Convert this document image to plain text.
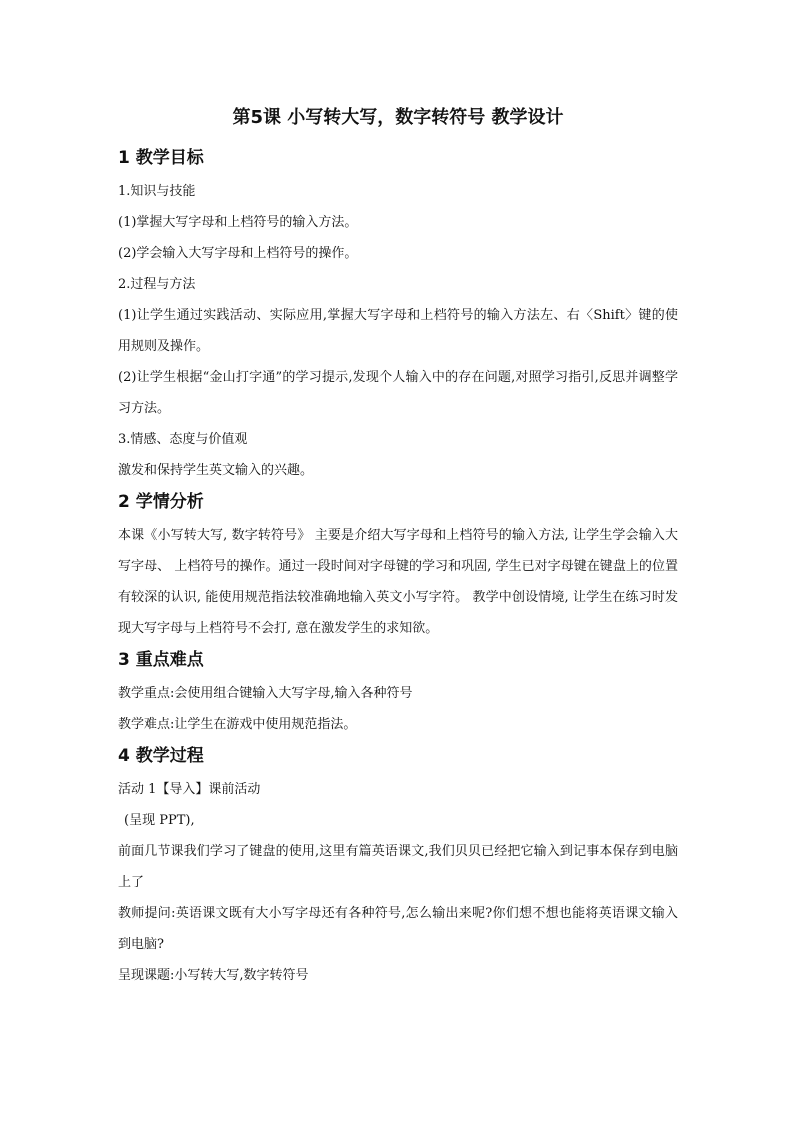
第5课 小写转大写，数字转符号 教学设计
1 教学目标

1.知识与技能

(1)掌握大写字母和上档符号的输入方法。

(2)学会输入大写字母和上档符号的操作。

2.过程与方法

(1)让学生通过实践活动、实际应用,掌握大写字母和上档符号的输入方法左、右〈Shift〉键的使用规则及操作。

(2)让学生根据“金山打字通”的学习提示,发现个人输入中的存在问题,对照学习指引,反思并调整学习方法。

3.情感、态度与价值观

激发和保持学生英文输入的兴趣。

2 学情分析

本课《小写转大写, 数字转符号》 主要是介绍大写字母和上档符号的输入方法, 让学生学会输入大写字母、 上档符号的操作。通过一段时间对字母键的学习和巩固, 学生已对字母键在键盘上的位置有较深的认识, 能使用规范指法较准确地输入英文小写字符。 教学中创设情境, 让学生在练习时发现大写字母与上档符号不会打, 意在激发学生的求知欲。

3 重点难点

教学重点:会使用组合键输入大写字母,输入各种符号

教学难点:让学生在游戏中使用规范指法。

4 教学过程

活动 1【导入】课前活动

(呈现 PPT),

前面几节课我们学习了键盘的使用,这里有篇英语课文,我们贝贝已经把它输入到记事本保存到电脑上了

教师提问:英语课文既有大小写字母还有各种符号,怎么输出来呢?你们想不想也能将英语课文输入到电脑?

呈现课题:小写转大写,数字转符号
